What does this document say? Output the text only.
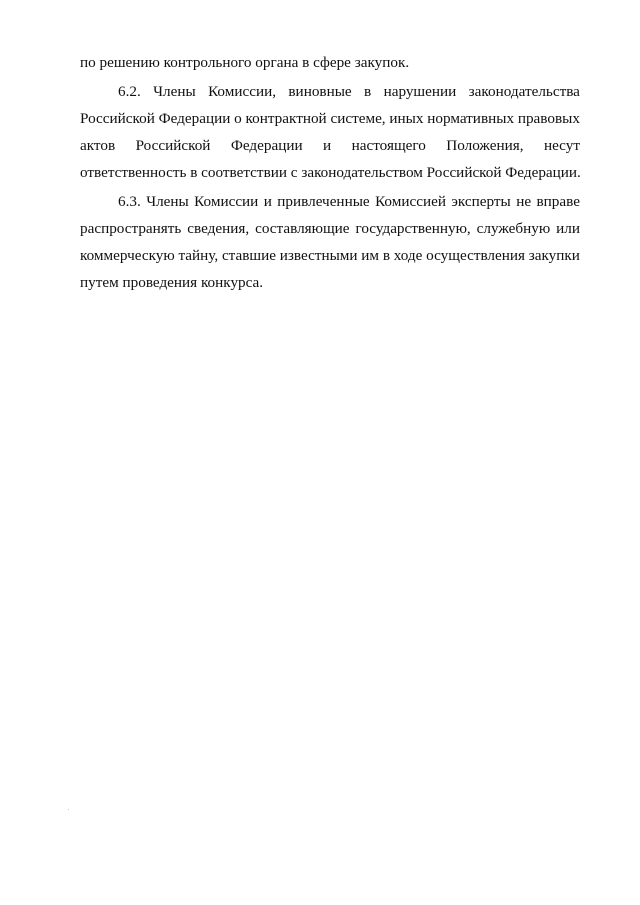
по решению контрольного органа в сфере закупок.
6.2. Члены Комиссии, виновные в нарушении законодательства
Российской Федерации о контрактной системе, иных нормативных правовых
актов Российской Федерации и настоящего Положения, несут
ответственность в соответствии с законодательством Российской Федерации.
6.3. Члены Комиссии и привлеченные Комиссией эксперты не вправе
распространять сведения, составляющие государственную, служебную или
коммерческую тайну, ставшие известными им в ходе осуществления закупки
путем проведения конкурса.
